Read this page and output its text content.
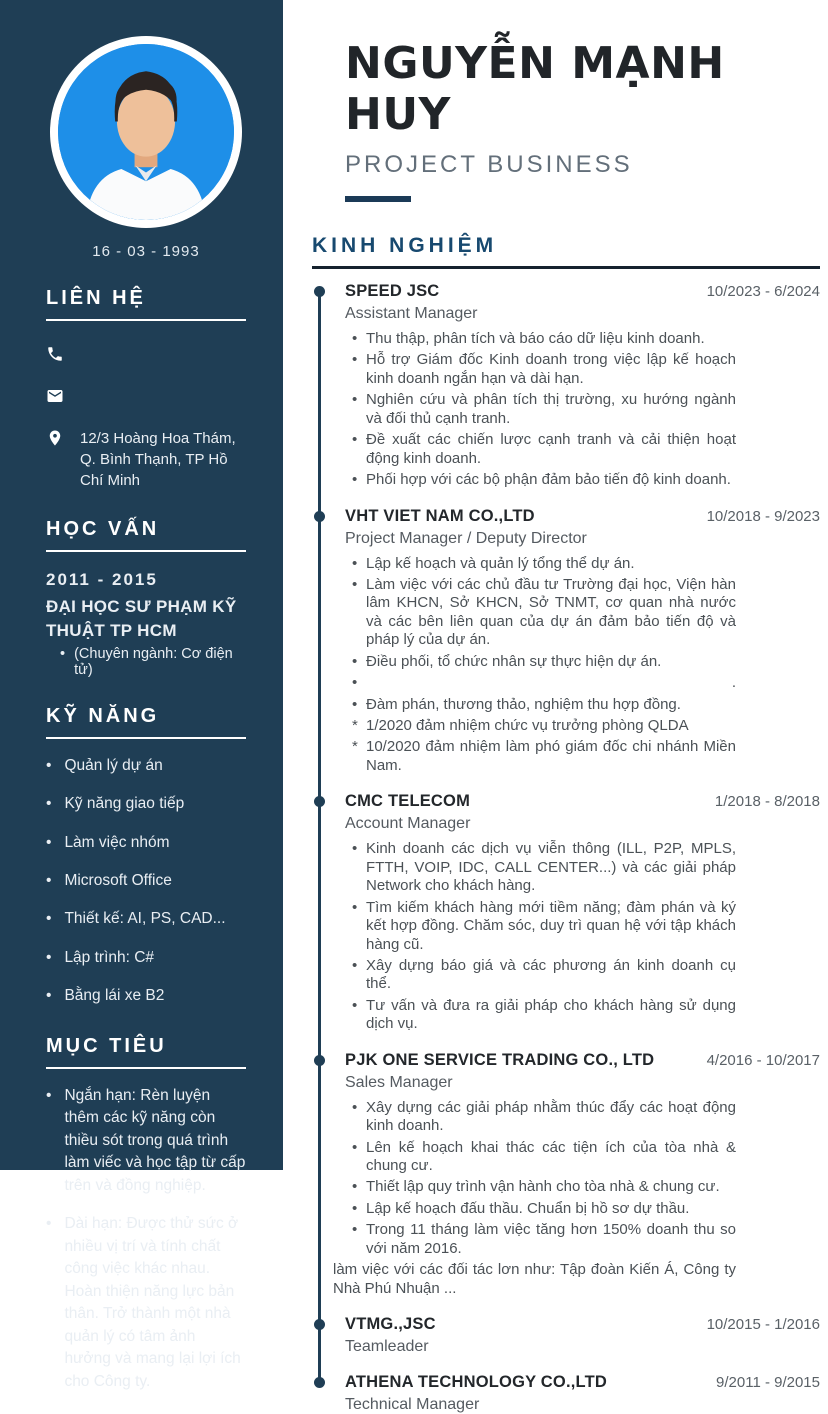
16 - 03 - 1993
LIÊN HỆ
12/3 Hoàng Hoa Thám, Q. Bình Thạnh, TP Hồ Chí Minh
HỌC VẤN
2011 - 2015
ĐẠI HỌC SƯ PHẠM KỸ THUẬT TP HCM
• (Chuyên ngành: Cơ điện tử)
KỸ NĂNG
• Quản lý dự án
• Kỹ năng giao tiếp
• Làm việc nhóm
• Microsoft Office
• Thiết kế: AI, PS, CAD...
• Lập trình: C#
• Bằng lái xe B2
MỤC TIÊU
• Ngắn hạn: Rèn luyện thêm các kỹ năng còn thiều sót trong quá trình làm viếc và học tập từ cấp trên và đồng nghiệp.
• Dài hạn: Được thử sức ở nhiều vị trí và tính chất công việc khác nhau. Hoàn thiện năng lực bản thân. Trở thành một nhà quản lý có tâm ảnh hưởng và mang lại lợi ích cho Công ty.
NGUYỄN MẠNH HUY
PROJECT BUSINESS
KINH NGHIỆM
SPEED JSC	10/2023 - 6/2024
Assistant Manager
• Thu thập, phân tích và báo cáo dữ liệu kinh doanh.
• Hỗ trợ Giám đốc Kinh doanh trong việc lập kế hoạch kinh doanh ngắn hạn và dài hạn.
• Nghiên cứu và phân tích thị trường, xu hướng ngành và đối thủ cạnh tranh.
• Đề xuất các chiến lược cạnh tranh và cải thiện hoạt động kinh doanh.
• Phối hợp với các bộ phận đảm bảo tiến độ kinh doanh.
VHT VIET NAM CO.,LTD	10/2018 - 9/2023
Project Manager / Deputy Director
• Lập kế hoạch và quản lý tổng thể dự án.
• Làm việc với các chủ đầu tư Trường đại học, Viện hàn lâm KHCN, Sở KHCN, Sở TNMT, cơ quan nhà nước và các bên liên quan của dự án đảm bảo tiến độ và pháp lý của dự án.
• Điều phối, tổ chức nhân sự thực hiện dự án.
•	.
• Đàm phán, thương thảo, nghiệm thu hợp đồng.
* 1/2020 đảm nhiệm chức vụ trưởng phòng QLDA
* 10/2020 đảm nhiệm làm phó giám đốc chi nhánh Miền Nam.
CMC TELECOM	1/2018 - 8/2018
Account Manager
• Kinh doanh các dịch vụ viễn thông (ILL, P2P, MPLS, FTTH, VOIP, IDC, CALL CENTER...) và các giải pháp Network cho khách hàng.
• Tìm kiếm khách hàng mới tiềm năng; đàm phán và ký kết hợp đồng. Chăm sóc, duy trì quan hệ với tập khách hàng cũ.
• Xây dựng báo giá và các phương án kinh doanh cụ thể.
• Tư vấn và đưa ra giải pháp cho khách hàng sử dụng dịch vụ.
PJK ONE SERVICE TRADING CO., LTD	4/2016 - 10/2017
Sales Manager
• Xây dựng các giải pháp nhằm thúc đẩy các hoạt động kinh doanh.
• Lên kế hoạch khai thác các tiện ích của tòa nhà & chung cư.
• Thiết lập quy trình vận hành cho tòa nhà & chung cư.
• Lập kế hoạch đấu thầu. Chuẩn bị hồ sơ dự thầu.
• Trong 11 tháng làm việc tăng hơn 150% doanh thu so với năm 2016.
làm việc với các đối tác lơn như: Tập đoàn Kiến Á, Công ty Nhà Phú Nhuận ...
VTMG.,JSC	10/2015 - 1/2016
Teamleader
ATHENA TECHNOLOGY CO.,LTD	9/2011 - 9/2015
Technical Manager
